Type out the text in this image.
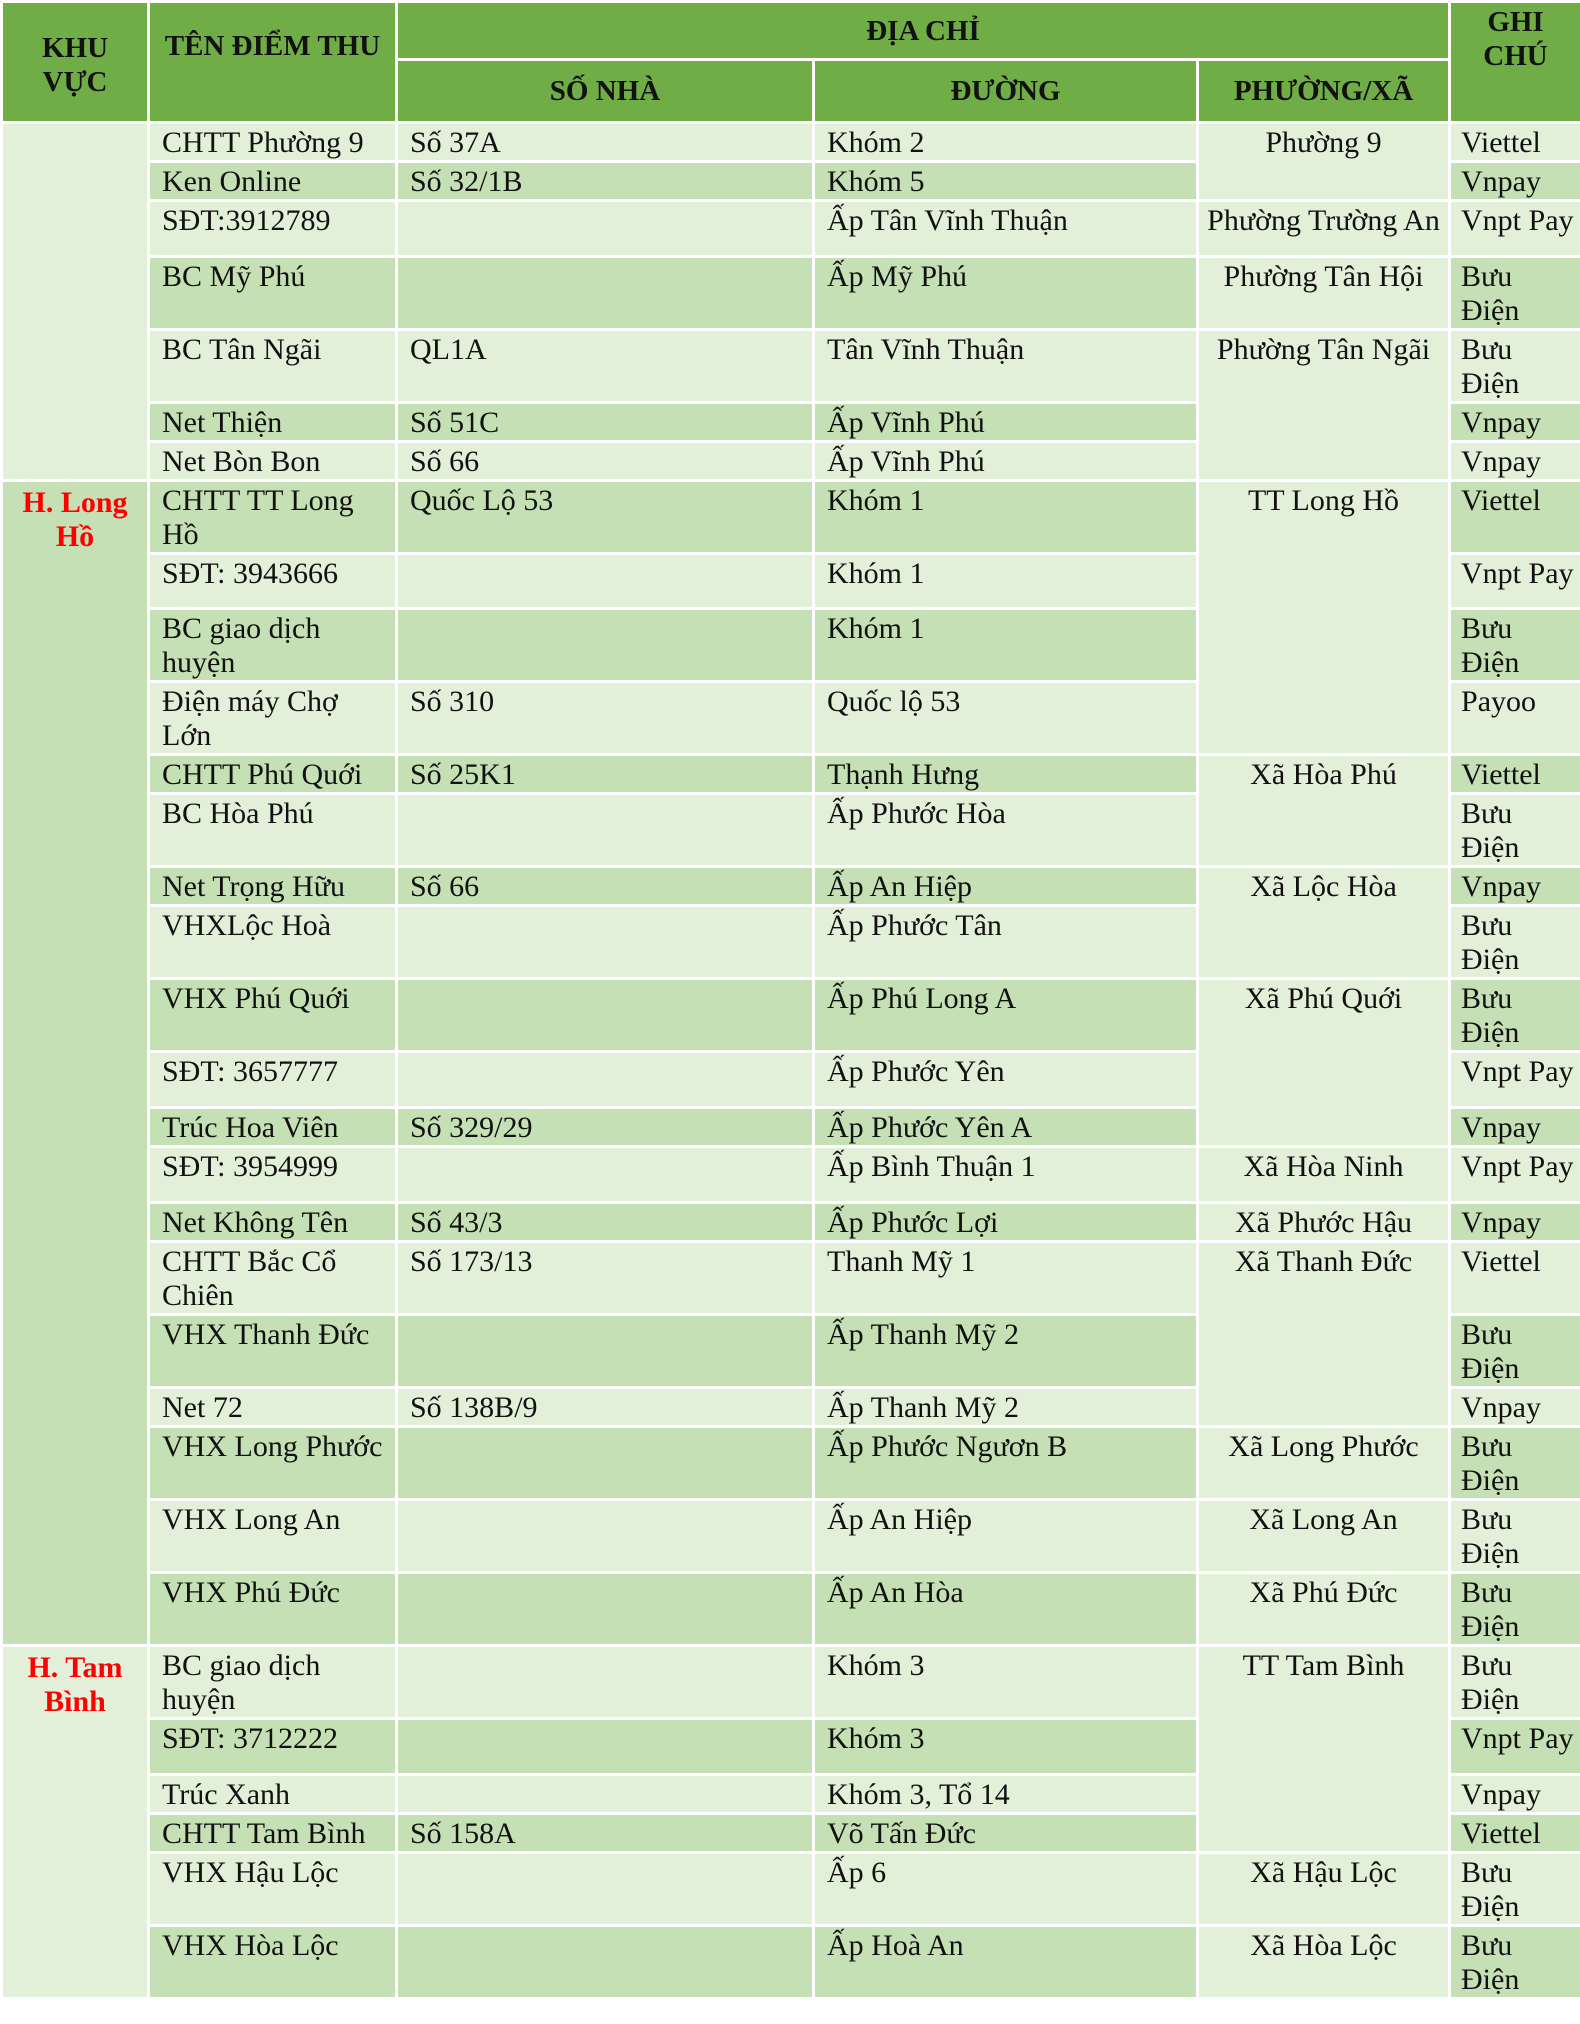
KHU VỰC	TÊN ĐIỂM THU	ĐỊA CHỈ			GHI CHÚ
		SỐ NHÀ	ĐƯỜNG	PHƯỜNG/XÃ	
	CHTT Phường 9	Số 37A	Khóm 2	Phường 9	Viettel
	Ken Online	Số 32/1B	Khóm 5		Vnpay
	SĐT:3912789		Ấp Tân Vĩnh Thuận	Phường Trường An	Vnpt Pay
	BC Mỹ Phú		Ấp Mỹ Phú	Phường Tân Hội	Bưu Điện
	BC Tân Ngãi	QL1A	Tân Vĩnh Thuận	Phường Tân Ngãi	Bưu Điện
	Net Thiện	Số 51C	Ấp Vĩnh Phú		Vnpay
	Net Bòn Bon	Số 66	Ấp Vĩnh Phú		Vnpay
H. Long Hồ	CHTT TT Long Hồ	Quốc Lộ 53	Khóm 1	TT Long Hồ	Viettel
	SĐT: 3943666		Khóm 1		Vnpt Pay
	BC giao dịch huyện		Khóm 1		Bưu Điện
	Điện máy Chợ Lớn	Số 310	Quốc lộ 53		Payoo
	CHTT Phú Quới	Số 25K1	Thạnh Hưng	Xã Hòa Phú	Viettel
	BC Hòa Phú		Ấp Phước Hòa		Bưu Điện
	Net Trọng Hữu	Số 66	Ấp An Hiệp	Xã Lộc Hòa	Vnpay
	VHXLộc Hoà		Ấp Phước Tân		Bưu Điện
	VHX Phú Quới		Ấp Phú Long A	Xã Phú Quới	Bưu Điện
	SĐT: 3657777		Ấp Phước Yên		Vnpt Pay
	Trúc Hoa Viên	Số 329/29	Ấp Phước Yên A		Vnpay
	SĐT: 3954999		Ấp Bình Thuận 1	Xã Hòa Ninh	Vnpt Pay
	Net Không Tên	Số 43/3	Ấp Phước Lợi	Xã Phước Hậu	Vnpay
	CHTT Bắc Cổ Chiên	Số 173/13	Thanh Mỹ 1	Xã Thanh Đức	Viettel
	VHX Thanh Đức		Ấp Thanh Mỹ 2		Bưu Điện
	Net 72	Số 138B/9	Ấp Thanh Mỹ 2		Vnpay
	VHX Long Phước		Ấp Phước Ngươn B	Xã Long Phước	Bưu Điện
	VHX Long An		Ấp An Hiệp	Xã Long An	Bưu Điện
	VHX Phú Đức		Ấp An Hòa	Xã Phú Đức	Bưu Điện
H. Tam Bình	BC giao dịch huyện		Khóm 3	TT Tam Bình	Bưu Điện
	SĐT: 3712222		Khóm 3		Vnpt Pay
	Trúc Xanh		Khóm 3, Tổ 14		Vnpay
	CHTT Tam Bình	Số 158A	Võ Tấn Đức		Viettel
	VHX Hậu Lộc		Ấp 6	Xã Hậu Lộc	Bưu Điện
	VHX Hòa Lộc		Ấp Hoà An	Xã Hòa Lộc	Bưu Điện
